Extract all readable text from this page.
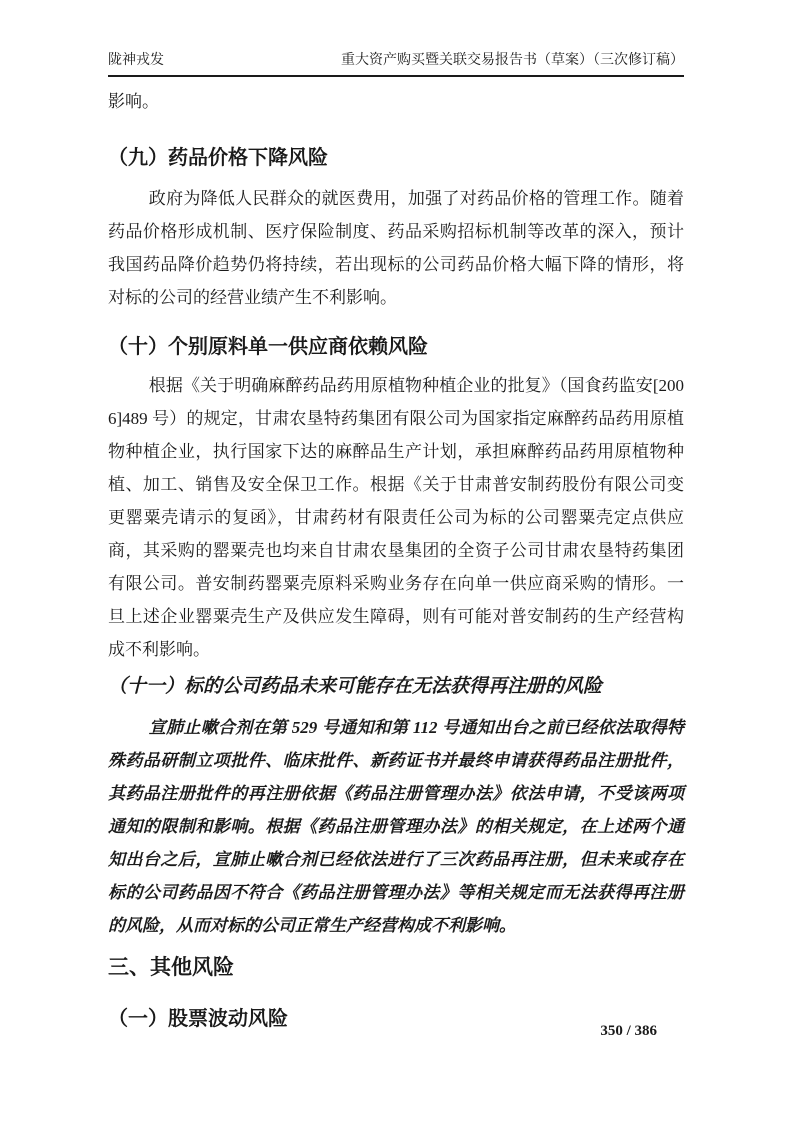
陇神戎发	重大资产购买暨关联交易报告书（草案）（三次修订稿）

影响。

（九）药品价格下降风险

政府为降低人民群众的就医费用，加强了对药品价格的管理工作。随着药品价格形成机制、医疗保险制度、药品采购招标机制等改革的深入，预计我国药品降价趋势仍将持续，若出现标的公司药品价格大幅下降的情形，将对标的公司的经营业绩产生不利影响。

（十）个别原料单一供应商依赖风险

根据《关于明确麻醉药品药用原植物种植企业的批复》（国食药监安[2006]489 号）的规定，甘肃农垦特药集团有限公司为国家指定麻醉药品药用原植物种植企业，执行国家下达的麻醉品生产计划，承担麻醉药品药用原植物种植、加工、销售及安全保卫工作。根据《关于甘肃普安制药股份有限公司变更罂粟壳请示的复函》，甘肃药材有限责任公司为标的公司罂粟壳定点供应商，其采购的罂粟壳也均来自甘肃农垦集团的全资子公司甘肃农垦特药集团有限公司。普安制药罂粟壳原料采购业务存在向单一供应商采购的情形。一旦上述企业罂粟壳生产及供应发生障碍，则有可能对普安制药的生产经营构成不利影响。

（十一）标的公司药品未来可能存在无法获得再注册的风险

宣肺止嗽合剂在第 529 号通知和第 112 号通知出台之前已经依法取得特殊药品研制立项批件、临床批件、新药证书并最终申请获得药品注册批件，其药品注册批件的再注册依据《药品注册管理办法》依法申请，不受该两项通知的限制和影响。根据《药品注册管理办法》的相关规定，在上述两个通知出台之后，宣肺止嗽合剂已经依法进行了三次药品再注册，但未来或存在标的公司药品因不符合《药品注册管理办法》等相关规定而无法获得再注册的风险，从而对标的公司正常生产经营构成不利影响。

三、其他风险
（一）股票波动风险
350 / 386
